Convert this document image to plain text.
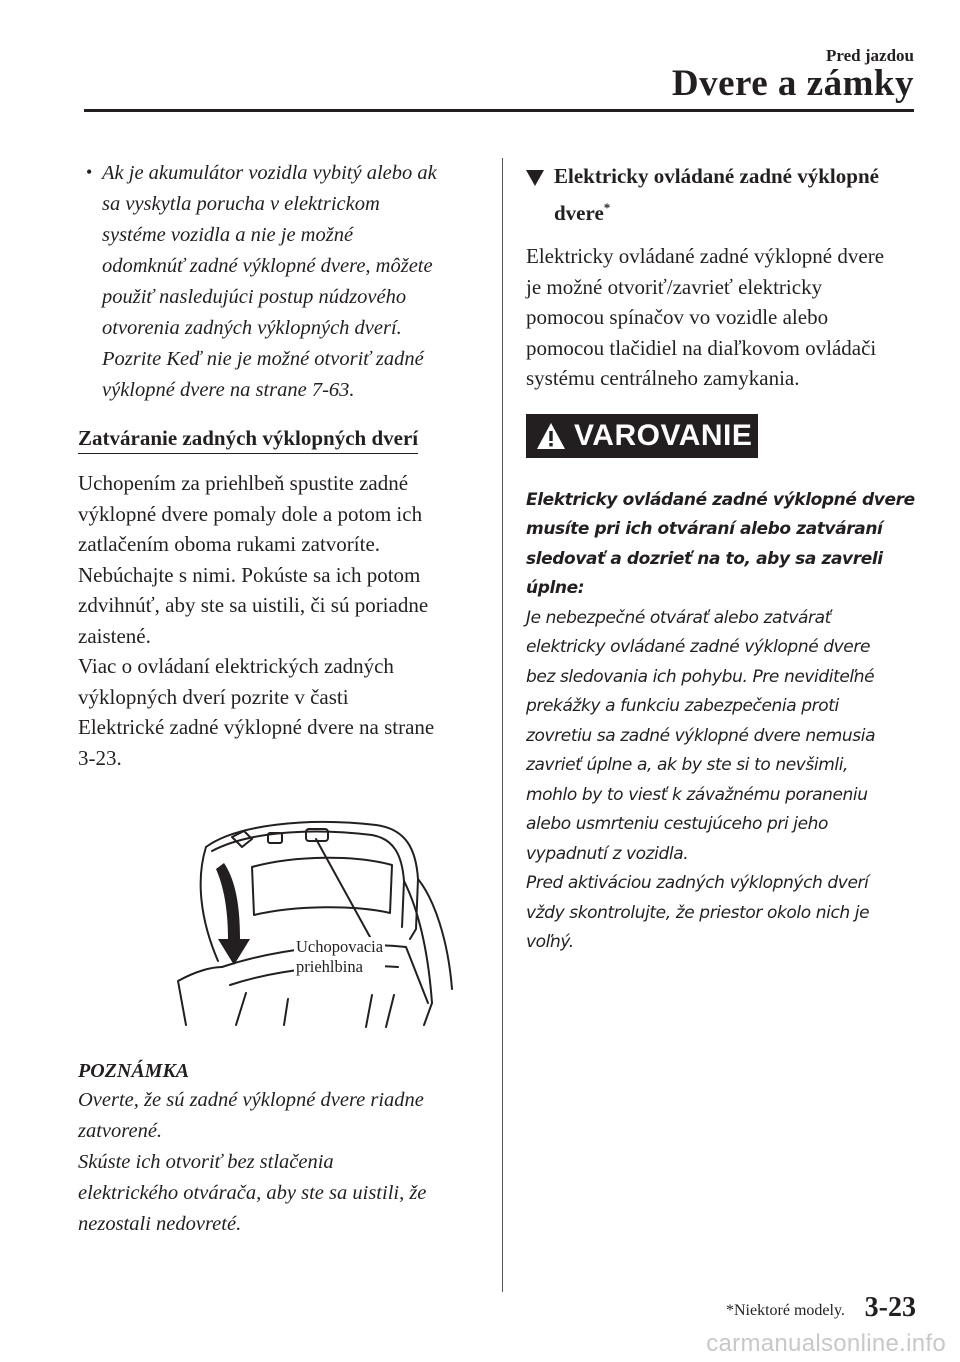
Pred jazdou
Dvere a zámky
• Ak je akumulátor vozidla vybitý alebo ak
sa vyskytla porucha v elektrickom
systéme vozidla a nie je možné
odomknúť zadné výklopné dvere, môžete
použiť nasledujúci postup núdzového
otvorenia zadných výklopných dverí.
Pozrite Keď nie je možné otvoriť zadné
výklopné dvere na strane 7-63.
Zatváranie zadných výklopných dverí
Uchopením za priehlbeň spustite zadné
výklopné dvere pomaly dole a potom ich
zatlačením oboma rukami zatvoríte.
Nebúchajte s nimi. Pokúste sa ich potom
zdvihnúť, aby ste sa uistili, či sú poriadne
zaistené.
Viac o ovládaní elektrických zadných
výklopných dverí pozrite v časti
Elektrické zadné výklopné dvere na strane
3-23.
Uchopovacia
priehlbina
POZNÁMKA
Overte, že sú zadné výklopné dvere riadne
zatvorené.
Skúste ich otvoriť bez stlačenia
elektrického otvárača, aby ste sa uistili, že
nezostali nedovreté.
Elektricky ovládané zadné výklopné
dvere*
Elektricky ovládané zadné výklopné dvere
je možné otvoriť/zavrieť elektricky
pomocou spínačov vo vozidle alebo
pomocou tlačidiel na diaľkovom ovládači
systému centrálneho zamykania.
VAROVANIE
Elektricky ovládané zadné výklopné dvere
musíte pri ich otváraní alebo zatváraní
sledovať a dozrieť na to, aby sa zavreli
úplne:
Je nebezpečné otvárať alebo zatvárať
elektricky ovládané zadné výklopné dvere
bez sledovania ich pohybu. Pre neviditeľné
prekážky a funkciu zabezpečenia proti
zovretiu sa zadné výklopné dvere nemusia
zavrieť úplne a, ak by ste si to nevšimli,
mohlo by to viesť k závažnému poraneniu
alebo usmrteniu cestujúceho pri jeho
vypadnutí z vozidla.
Pred aktiváciou zadných výklopných dverí
vždy skontrolujte, že priestor okolo nich je
voľný.
*Niektoré modely. 3-23
carmanualsonline.info
